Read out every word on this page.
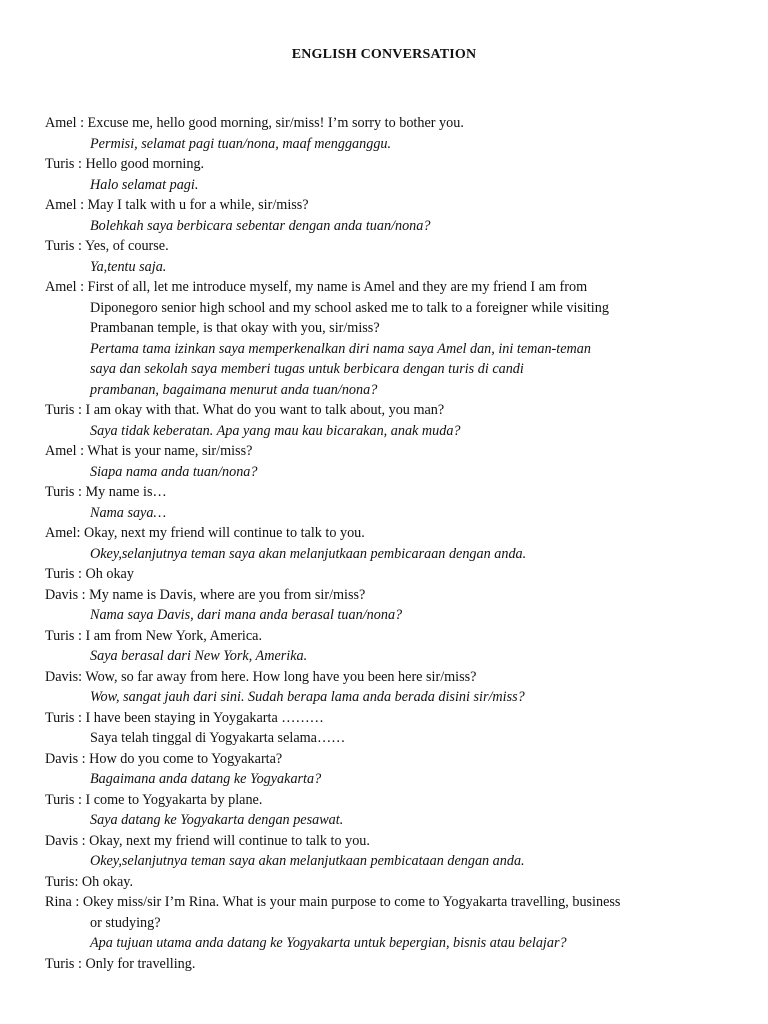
ENGLISH CONVERSATION
Amel : Excuse me, hello good morning, sir/miss! I’m sorry to bother you.
Permisi, selamat pagi tuan/nona, maaf mengganggu.
Turis : Hello good morning.
Halo selamat pagi.
Amel : May I talk with u for a while, sir/miss?
Bolehkah saya berbicara sebentar dengan anda tuan/nona?
Turis : Yes, of course.
Ya,tentu saja.
Amel : First of all, let me introduce myself, my name is Amel and they are my friend I am from
Diponegoro senior high school and my school asked me to talk to a foreigner while visiting
Prambanan temple, is that okay with you, sir/miss?
Pertama tama izinkan saya memperkenalkan diri nama saya Amel dan, ini teman-teman
saya dan sekolah saya memberi tugas untuk berbicara dengan turis di candi
prambanan, bagaimana menurut anda tuan/nona?
Turis : I am okay with that. What do you want to talk about, you man?
Saya tidak keberatan. Apa yang mau kau bicarakan, anak muda?
Amel : What is your name, sir/miss?
Siapa nama anda tuan/nona?
Turis : My name is…
Nama saya…
Amel: Okay, next my friend will continue to talk to you.
Okey,selanjutnya teman saya akan melanjutkaan pembicaraan dengan anda.
Turis : Oh okay
Davis : My name is Davis, where are you from sir/miss?
Nama saya Davis, dari mana anda berasal tuan/nona?
Turis : I am from New York, America.
Saya berasal dari New York, Amerika.
Davis: Wow, so far away from here. How long have you been here sir/miss?
Wow, sangat jauh dari sini. Sudah berapa lama anda berada disini sir/miss?
Turis : I have been staying in Yoygakarta ………
Saya telah tinggal di Yogyakarta selama……
Davis : How do you come to Yogyakarta?
Bagaimana anda datang ke Yogyakarta?
Turis : I come to Yogyakarta by plane.
Saya datang ke Yogyakarta dengan pesawat.
Davis : Okay, next my friend will continue to talk to you.
Okey,selanjutnya teman saya akan melanjutkaan pembicataan dengan anda.
Turis: Oh okay.
Rina : Okey miss/sir I’m Rina. What is your main purpose to come to Yogyakarta travelling, business
or studying?
Apa tujuan utama anda datang ke Yogyakarta untuk bepergian, bisnis atau belajar?
Turis : Only for travelling.
